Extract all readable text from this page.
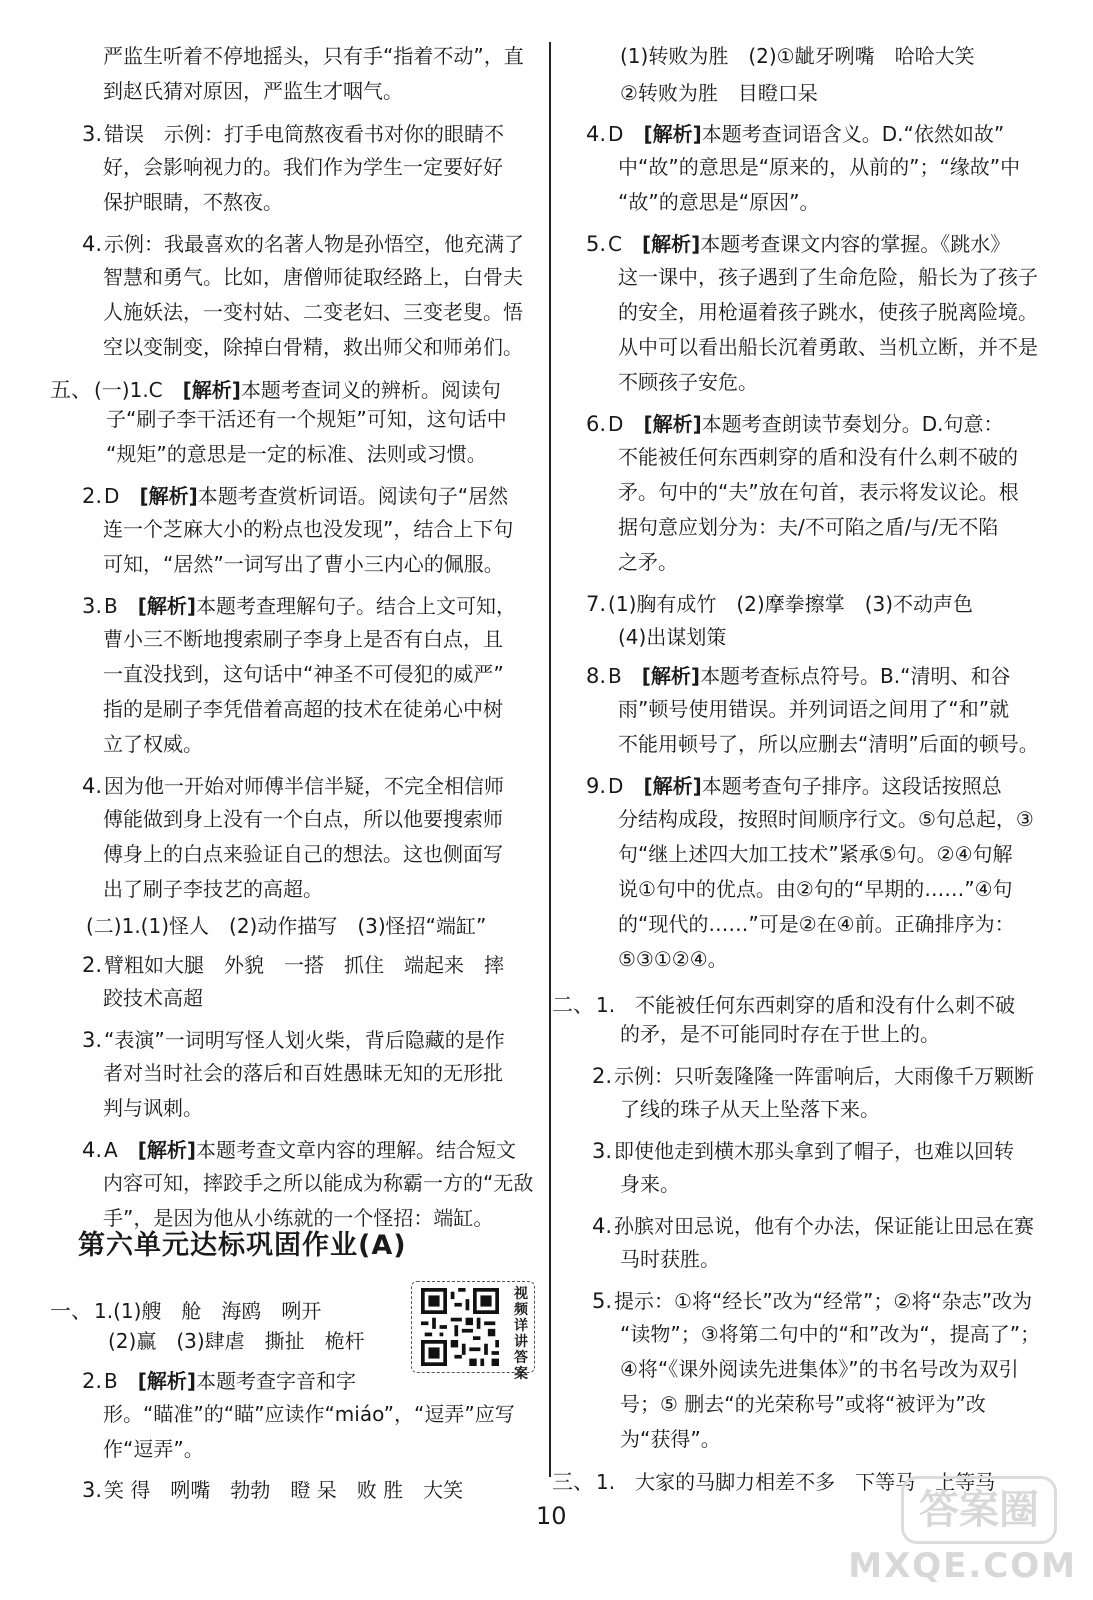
严监生听着不停地摇头，只有手“指着不动”，直
到赵氏猜对原因，严监生才咽气。
3. 错误　示例：打手电筒熬夜看书对你的眼睛不
好，会影响视力的。我们作为学生一定要好好
保护眼睛，不熬夜。
4. 示例：我最喜欢的名著人物是孙悟空，他充满了
智慧和勇气。比如，唐僧师徒取经路上，白骨夫
人施妖法，一变村姑、二变老妇、三变老叟。悟
空以变制变，除掉白骨精，救出师父和师弟们。
五、 (一)1.C　[解析]本题考查词义的辨析。阅读句
子“刷子李干活还有一个规矩”可知，这句话中
“规矩”的意思是一定的标准、法则或习惯。
2. D　[解析]本题考查赏析词语。阅读句子“居然
连一个芝麻大小的粉点也没发现”，结合上下句
可知，“居然”一词写出了曹小三内心的佩服。
3. B　[解析]本题考查理解句子。结合上文可知，
曹小三不断地搜索刷子李身上是否有白点，且
一直没找到，这句话中“神圣不可侵犯的威严”
指的是刷子李凭借着高超的技术在徒弟心中树
立了权威。
4. 因为他一开始对师傅半信半疑，不完全相信师
傅能做到身上没有一个白点，所以他要搜索师
傅身上的白点来验证自己的想法。这也侧面写
出了刷子李技艺的高超。
(二)1.(1)怪人　(2)动作描写　(3)怪招“端缸”
2. 臂粗如大腿　外貌　一搭　抓住　端起来　摔
跤技术高超
3. “表演”一词明写怪人划火柴，背后隐藏的是作
者对当时社会的落后和百姓愚昧无知的无形批
判与讽刺。
4. A　[解析]本题考查文章内容的理解。结合短文
内容可知，摔跤手之所以能成为称霸一方的“无敌
手”，是因为他从小练就的一个怪招：端缸。
一、 1.(1)艘　舱　海鸥　咧开
(2)赢　(3)肆虐　撕扯　桅杆
2. B　[解析]本题考查字音和字
形。“瞄准”的“瞄”应读作“miáo”，“逗弄”应写
作“逗弄”。
3. 笑 得　咧嘴　勃勃　瞪 呆　败 胜　大笑
(1)转败为胜　(2)①龇牙咧嘴　哈哈大笑
②转败为胜　目瞪口呆
4. D　[解析]本题考查词语含义。D.“依然如故”
中“故”的意思是“原来的，从前的”；“缘故”中
“故”的意思是“原因”。
5. C　[解析]本题考查课文内容的掌握。《跳水》
这一课中，孩子遇到了生命危险，船长为了孩子
的安全，用枪逼着孩子跳水，使孩子脱离险境。
从中可以看出船长沉着勇敢、当机立断，并不是
不顾孩子安危。
6. D　[解析]本题考查朗读节奏划分。D.句意：
不能被任何东西刺穿的盾和没有什么刺不破的
矛。句中的“夫”放在句首，表示将发议论。根
据句意应划分为：夫/不可陷之盾/与/无不陷
之矛。
7. (1)胸有成竹　(2)摩拳擦掌　(3)不动声色
(4)出谋划策
8. B　[解析]本题考查标点符号。B.“清明、和谷
雨”顿号使用错误。并列词语之间用了“和”就
不能用顿号了，所以应删去“清明”后面的顿号。
9. D　[解析]本题考查句子排序。这段话按照总
分结构成段，按照时间顺序行文。⑤句总起，③
句“继上述四大加工技术”紧承⑤句。②④句解
说①句中的优点。由②句的“早期的……”④句
的“现代的……”可是②在④前。正确排序为：
⑤③①②④。
二、 1.　不能被任何东西刺穿的盾和没有什么刺不破
的矛，是不可能同时存在于世上的。
2. 示例：只听轰隆隆一阵雷响后，大雨像千万颗断
了线的珠子从天上坠落下来。
3. 即使他走到横木那头拿到了帽子，也难以回转
身来。
4. 孙膑对田忌说，他有个办法，保证能让田忌在赛
马时获胜。
5. 提示：①将“经长”改为“经常”；②将“杂志”改为
“读物”；③将第二句中的“和”改为“，提高了”；
④将“《课外阅读先进集体》”的书名号改为双引
号；⑤ 删去“的光荣称号”或将“被评为”改
为“获得”。
三、 1.　大家的马脚力相差不多　下等马　上等马
第六单元达标巩固作业(A)
视频详讲答案
10	答案圈
MXQE.COM
